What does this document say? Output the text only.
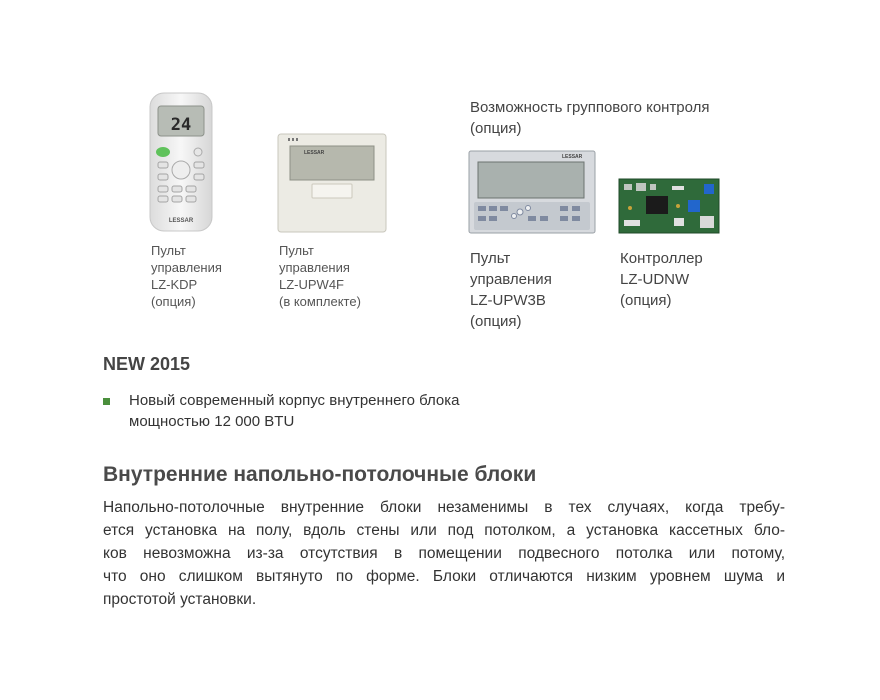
24
LESSAR
LESSAR
Пульт
управления
LZ-KDP
(опция)
Пульт
управления
LZ-UPW4F
(в комплекте)
Возможность группового контроля
(опция)
LESSAR
Пульт
управления
LZ-UPW3B
(опция)
Контроллер
LZ-UDNW
(опция)
NEW 2015
Новый современный корпус внутреннего блока
мощностью 12 000 BTU
Внутренние напольно-потолочные блоки
Напольно-потолочные внутренние блоки незаменимы в тех случаях, когда требу-
ется установка на полу, вдоль стены или под потолком, а установка кассетных бло-
ков невозможна из-за отсутствия в помещении подвесного потолка или потому,
что оно слишком вытянуто по форме. Блоки отличаются низким уровнем шума и
простотой установки.
